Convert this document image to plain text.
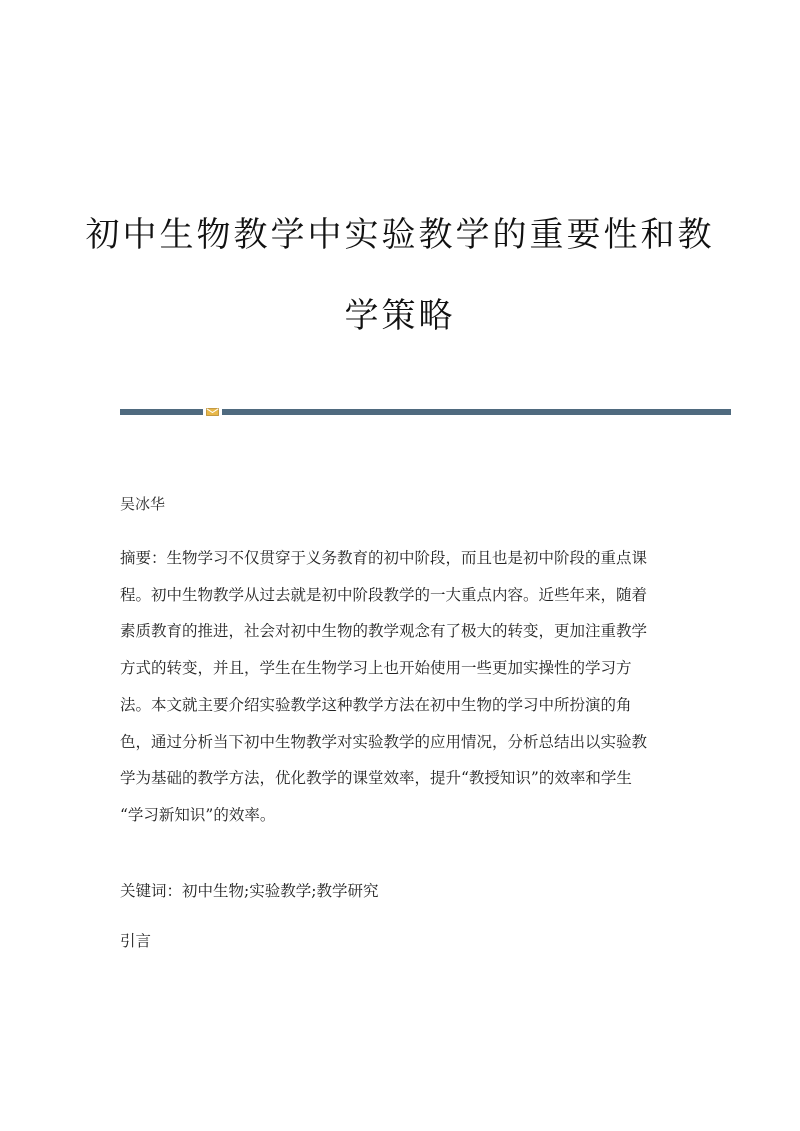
初中生物教学中实验教学的重要性和教
学策略
吴冰华

摘要：生物学习不仅贯穿于义务教育的初中阶段，而且也是初中阶段的重点课
程。初中生物教学从过去就是初中阶段教学的一大重点内容。近些年来，随着
素质教育的推进，社会对初中生物的教学观念有了极大的转变，更加注重教学
方式的转变，并且，学生在生物学习上也开始使用一些更加实操性的学习方
法。本文就主要介绍实验教学这种教学方法在初中生物的学习中所扮演的角
色，通过分析当下初中生物教学对实验教学的应用情况，分析总结出以实验教
学为基础的教学方法，优化教学的课堂效率，提升“教授知识”的效率和学生
“学习新知识”的效率。

关键词：初中生物;实验教学;教学研究
引言
